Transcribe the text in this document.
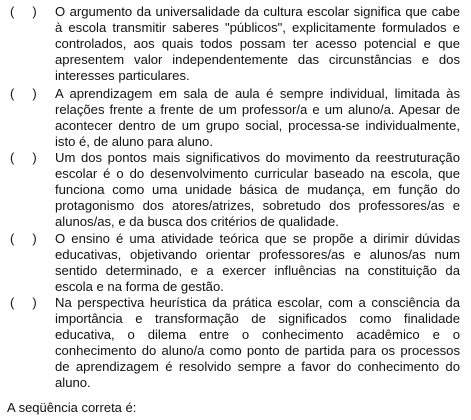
(     ) O argumento da universalidade da cultura escolar significa que cabe à escola transmitir saberes "públicos", explicitamente formulados e controlados, aos quais todos possam ter acesso potencial e que apresentem valor independentemente das circunstâncias e dos interesses particulares.

(     ) A aprendizagem em sala de aula é sempre individual, limitada às relações frente a frente de um professor/a e um aluno/a. Apesar de acontecer dentro de um grupo social, processa-se individualmente, isto é, de aluno para aluno.

(     ) Um dos pontos mais significativos do movimento da reestruturação escolar é o do desenvolvimento curricular baseado na escola, que funciona como uma unidade básica de mudança, em função do protagonismo dos atores/atrizes, sobretudo dos professores/as e alunos/as, e da busca dos critérios de qualidade.

(     ) O ensino é uma atividade teórica que se propõe a dirimir dúvidas educativas, objetivando orientar professores/as e alunos/as num sentido determinado, e a exercer influências na constituição da escola e na forma de gestão.

(     ) Na perspectiva heurística da prática escolar, com a consciência da importância e transformação de significados como finalidade educativa, o dilema entre o conhecimento acadêmico e o conhecimento do aluno/a como ponto de partida para os processos de aprendizagem é resolvido sempre a favor do conhecimento do aluno.

A seqüência correta é:
